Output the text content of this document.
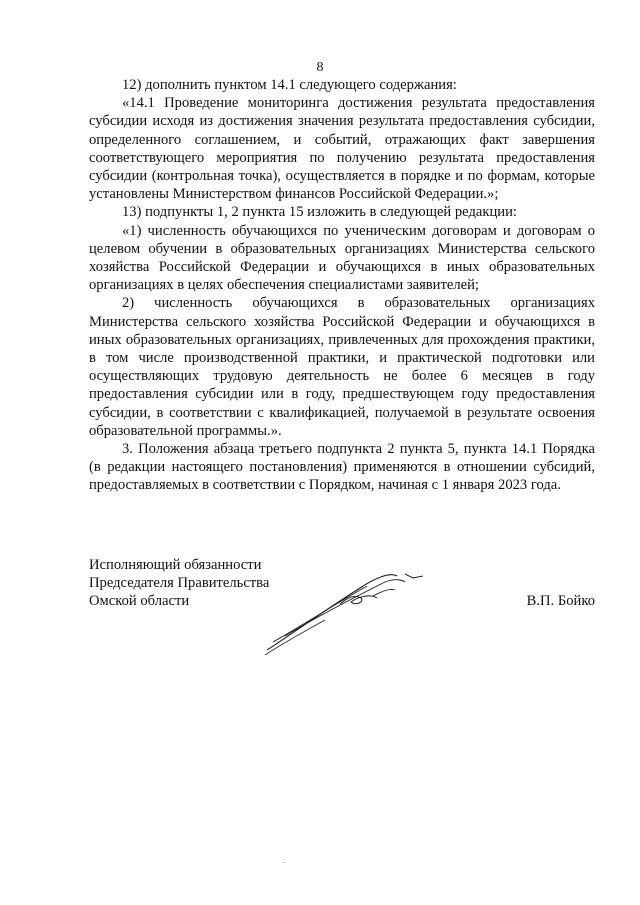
8

12) дополнить пунктом 14.1 следующего содержания:

«14.1 Проведение мониторинга достижения результата предоставления субсидии исходя из достижения значения результата предоставления субсидии, определенного соглашением, и событий, отражающих факт завершения соответствующего мероприятия по получению результата предоставления субсидии (контрольная точка), осуществляется в порядке и по формам, которые установлены Министерством финансов Российской Федерации.»;

13) подпункты 1, 2 пункта 15 изложить в следующей редакции:

«1) численность обучающихся по ученическим договорам и договорам о целевом обучении в образовательных организациях Министерства сельского хозяйства Российской Федерации и обучающихся в иных образовательных организациях в целях обеспечения специалистами заявителей;

2) численность обучающихся в образовательных организациях Министерства сельского хозяйства Российской Федерации и обучающихся в иных образовательных организациях, привлеченных для прохождения практики, в том числе производственной практики, и практической подготовки или осуществляющих трудовую деятельность не более 6 месяцев в году предоставления субсидии или в году, предшествующем году предоставления субсидии, в соответствии с квалификацией, получаемой в результате освоения образовательной программы.».

3. Положения абзаца третьего подпункта 2 пункта 5, пункта 14.1 Порядка (в редакции настоящего постановления) применяются в отношении субсидий, предоставляемых в соответствии с Порядком, начиная с 1 января 2023 года.

Исполняющий обязанности
Председателя Правительства
Омской области	В.П. Бойко
